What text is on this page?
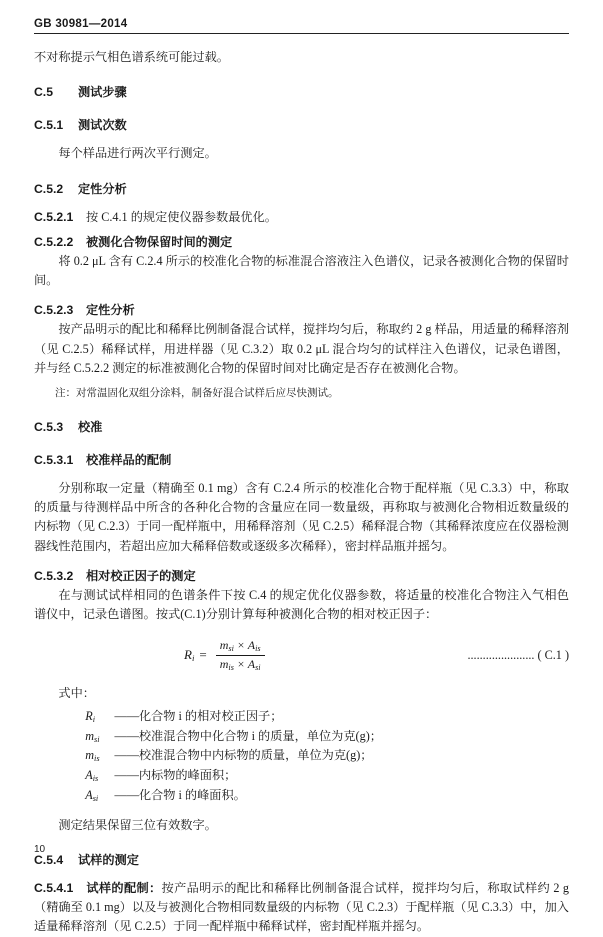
GB 30981—2014

不对称提示气相色谱系统可能过载。

C.5 测试步骤
C.5.1 测试次数

每个样品进行两次平行测定。

C.5.2 定性分析

C.5.2.1 按 C.4.1 的规定使仪器参数最优化。

C.5.2.2 被测化合物保留时间的测定

将 0.2 μL 含有 C.2.4 所示的校准化合物的标准混合溶液注入色谱仪，记录各被测化合物的保留时间。

C.5.2.3 定性分析

按产品明示的配比和稀释比例制备混合试样，搅拌均匀后，称取约 2 g 样品，用适量的稀释溶剂（见 C.2.5）稀释试样，用进样器（见 C.3.2）取 0.2 μL 混合均匀的试样注入色谱仪，记录色谱图，并与经 C.5.2.2 测定的标准被测化合物的保留时间对比确定是否存在被测化合物。

注：对常温固化双组分涂料，制备好混合试样后应尽快测试。

C.5.3 校准
C.5.3.1 校准样品的配制

分别称取一定量（精确至 0.1 mg）含有 C.2.4 所示的校准化合物于配样瓶（见 C.3.3）中，称取的质量与待测样品中所含的各种化合物的含量应在同一数量级，再称取与被测化合物相近数量级的内标物（见 C.2.3）于同一配样瓶中，用稀释溶剂（见 C.2.5）稀释混合物（其稀释浓度应在仪器检测器线性范围内，若超出应加大稀释倍数或逐级多次稀释），密封样品瓶并摇匀。

C.5.3.2 相对校正因子的测定

在与测试试样相同的色谱条件下按 C.4 的规定优化仪器参数，将适量的校准化合物注入气相色谱仪中，记录色谱图。按式(C.1)分别计算每种被测化合物的相对校正因子：

$R_i = \frac{m_{si} \times A_{is}}{m_{is} \times A_{si}}$	...................... ( C.1 )

式中：

$R_i$ ——化合物 i 的相对校正因子；
$m_{si}$ ——校准混合物中化合物 i 的质量，单位为克(g)；
$m_{is}$ ——校准混合物中内标物的质量，单位为克(g)；
$A_{is}$ ——内标物的峰面积；
$A_{si}$ ——化合物 i 的峰面积。

测定结果保留三位有效数字。

C.5.4 试样的测定

C.5.4.1 试样的配制：按产品明示的配比和稀释比例制备混合试样，搅拌均匀后，称取试样约 2 g（精确至 0.1 mg）以及与被测化合物相同数量级的内标物（见 C.2.3）于配样瓶（见 C.3.3）中，加入适量稀释溶剂（见 C.2.5）于同一配样瓶中稀释试样，密封配样瓶并摇匀。

10
